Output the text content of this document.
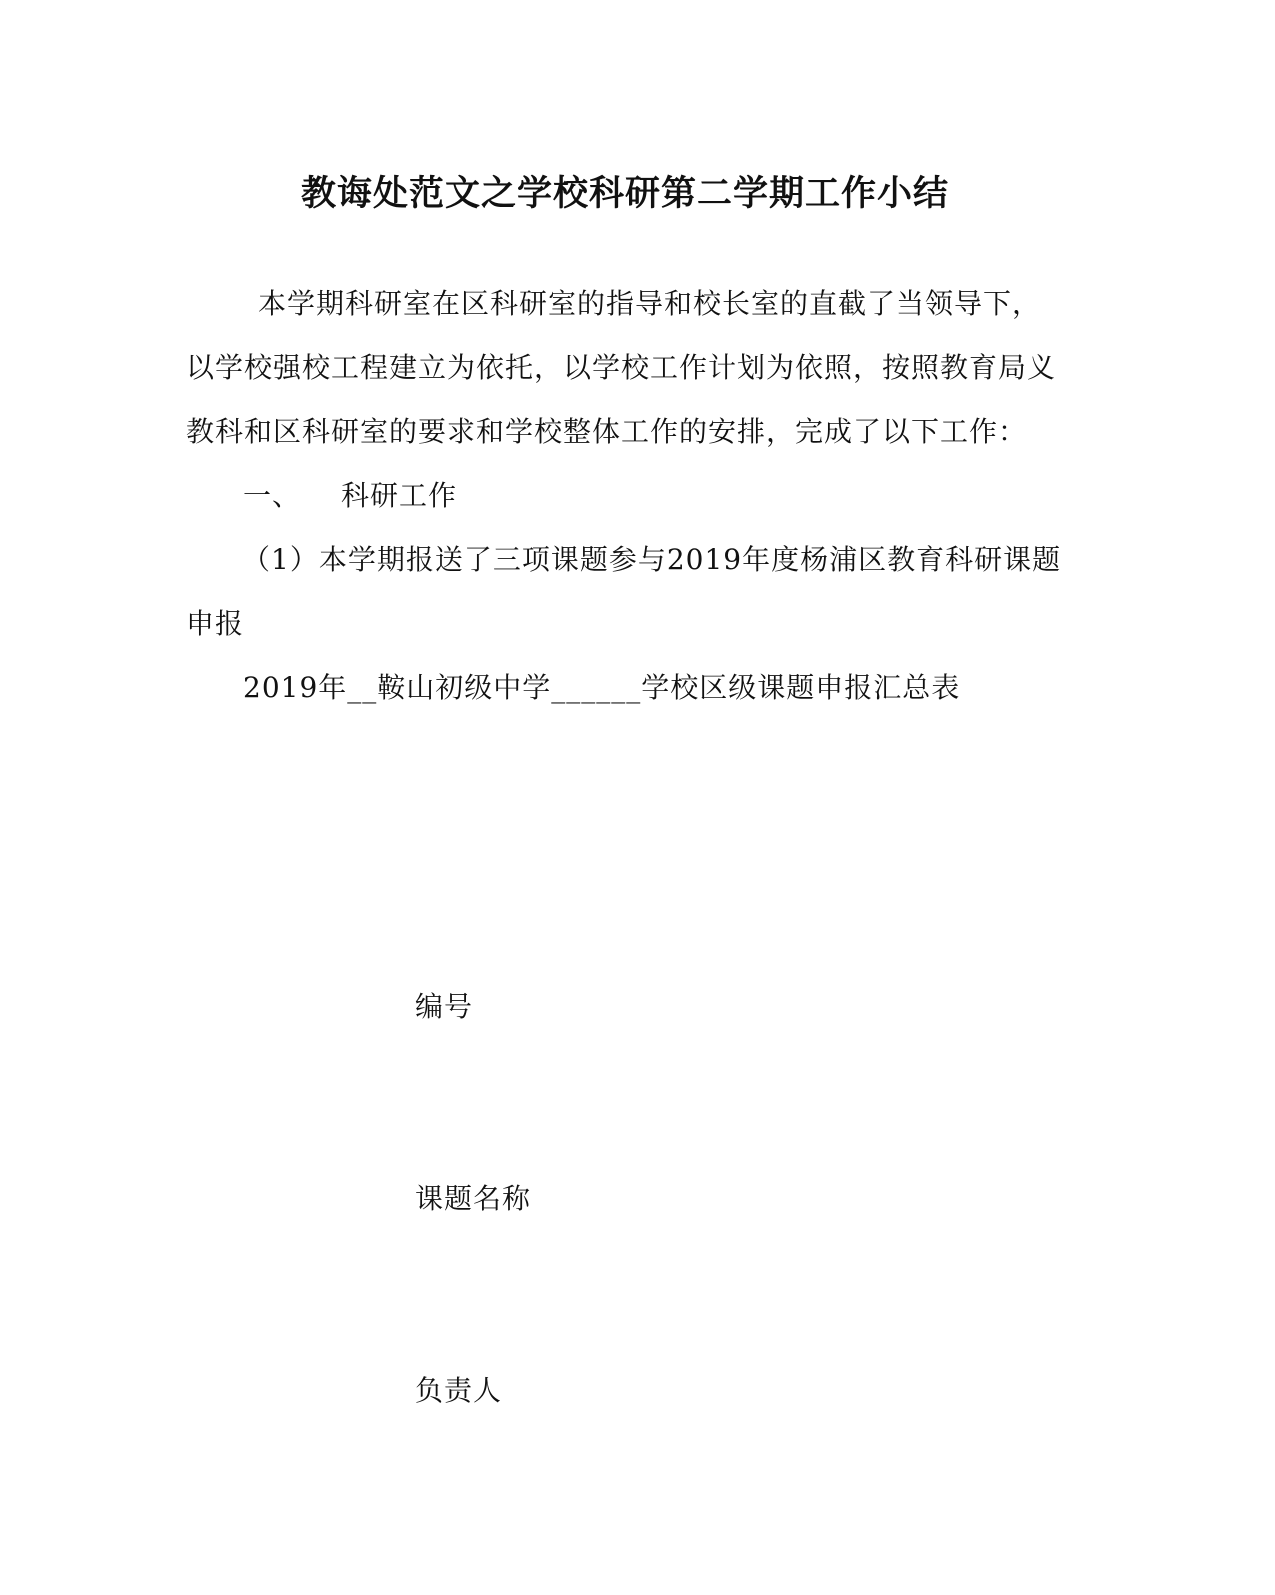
教诲处范文之学校科研第二学期工作小结
本学期科研室在区科研室的指导和校长室的直截了当领导下，以学校强校工程建立为依托，以学校工作计划为依照，按照教育局义教科和区科研室的要求和学校整体工作的安排，完成了以下工作：
一、 科研工作
（1）本学期报送了三项课题参与2019年度杨浦区教育科研课题申报
2019年__鞍山初级中学______学校区级课题申报汇总表
编号
课题名称
负责人
